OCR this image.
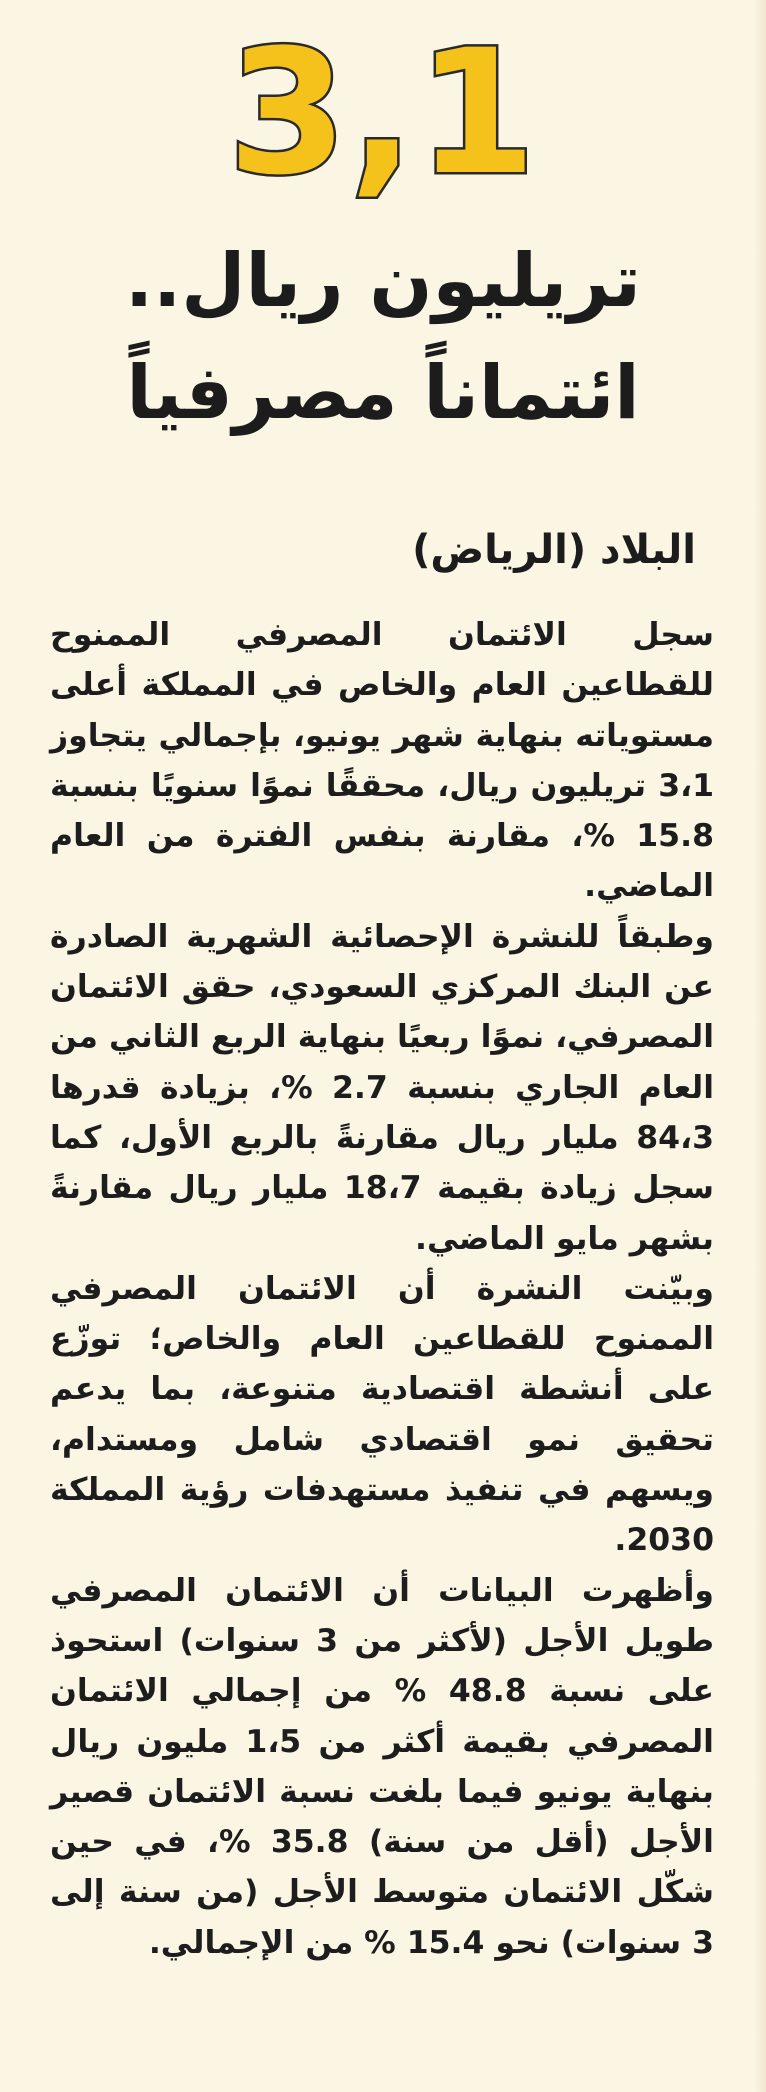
3,1
تريليون ريال..
ائتماناً مصرفياً
البلاد (الرياض)

سجل الائتمان المصرفي الممنوح للقطاعين العام والخاص في المملكة أعلى مستوياته بنهاية شهر يونيو، بإجمالي يتجاوز 3،1 تريليون ريال، محققًا نموًا سنويًا بنسبة 15.8 %، مقارنة بنفس الفترة من العام الماضي.

وطبقاً للنشرة الإحصائية الشهرية الصادرة عن البنك المركزي السعودي، حقق الائتمان المصرفي، نموًا ربعيًا بنهاية الربع الثاني من العام الجاري بنسبة 2.7 %، بزيادة قدرها 84،3 مليار ريال مقارنةً بالربع الأول، كما سجل زيادة بقيمة 18،7 مليار ريال مقارنةً بشهر مايو الماضي.

وبيّنت النشرة أن الائتمان المصرفي الممنوح للقطاعين العام والخاص؛ توزّع على أنشطة اقتصادية متنوعة، بما يدعم تحقيق نمو اقتصادي شامل ومستدام، ويسهم في تنفيذ مستهدفات رؤية المملكة 2030.

وأظهرت البيانات أن الائتمان المصرفي طويل الأجل (لأكثر من 3 سنوات) استحوذ على نسبة 48.8 % من إجمالي الائتمان المصرفي بقيمة أكثر من 1،5 مليون ريال بنهاية يونيو فيما بلغت نسبة الائتمان قصير الأجل (أقل من سنة) 35.8 %، في حين شكّل الائتمان متوسط الأجل (من سنة إلى 3 سنوات) نحو 15.4 % من الإجمالي.
